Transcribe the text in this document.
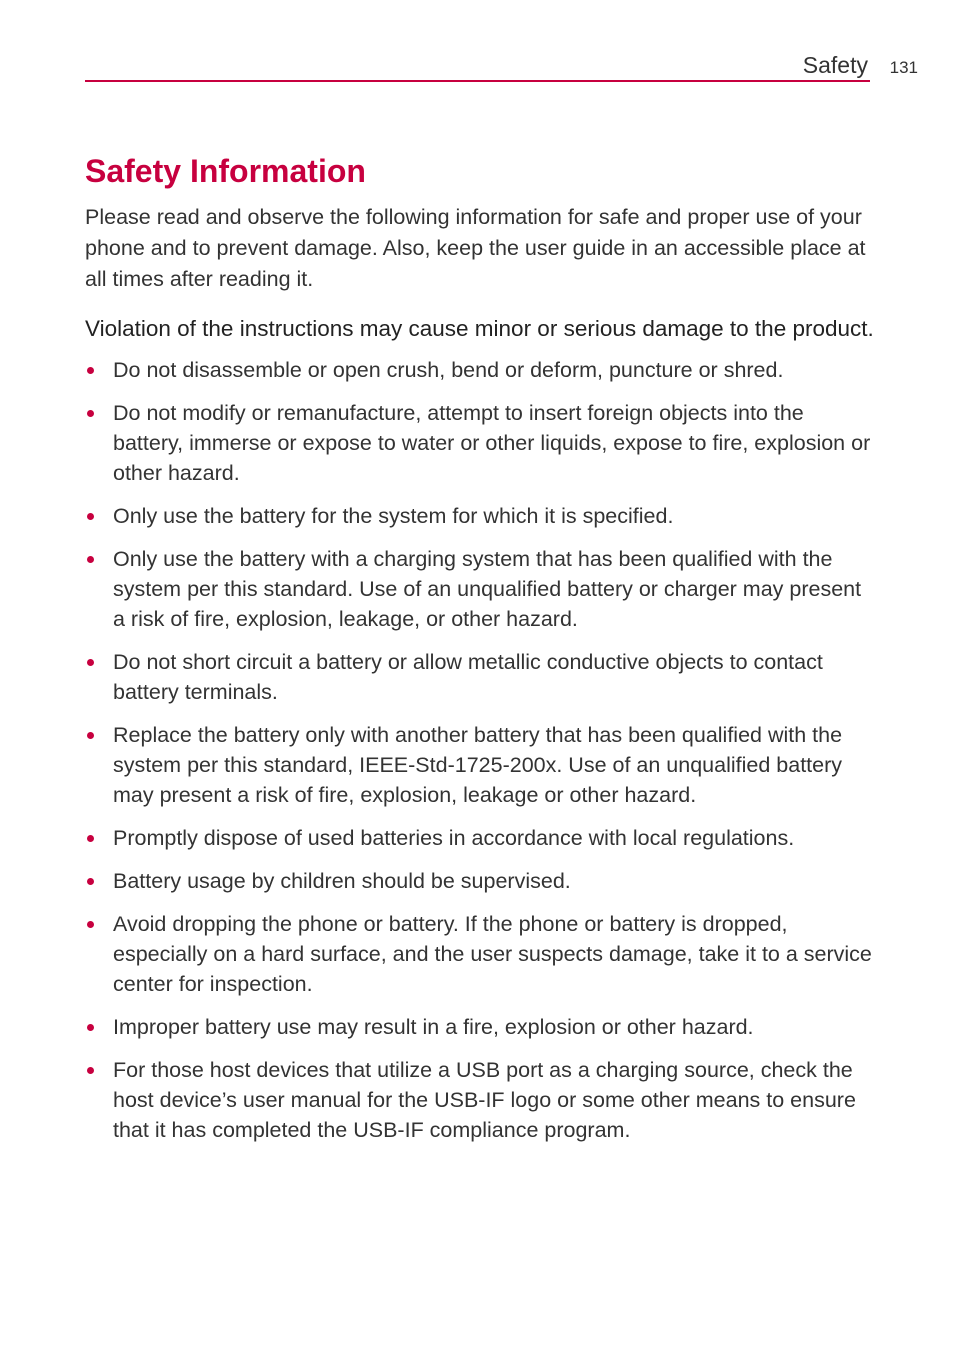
Safety 131
Safety Information

Please read and observe the following information for safe and proper use of your phone and to prevent damage. Also, keep the user guide in an accessible place at all times after reading it.

Violation of the instructions may cause minor or serious damage to the product.

Do not disassemble or open crush, bend or deform, puncture or shred.
Do not modify or remanufacture, attempt to insert foreign objects into the battery, immerse or expose to water or other liquids, expose to fire, explosion or other hazard.
Only use the battery for the system for which it is specified.
Only use the battery with a charging system that has been qualified with the system per this standard. Use of an unqualified battery or charger may present a risk of fire, explosion, leakage, or other hazard.
Do not short circuit a battery or allow metallic conductive objects to contact battery terminals.
Replace the battery only with another battery that has been qualified with the system per this standard, IEEE-Std-1725-200x. Use of an unqualified battery may present a risk of fire, explosion, leakage or other hazard.
Promptly dispose of used batteries in accordance with local regulations.
Battery usage by children should be supervised.
Avoid dropping the phone or battery. If the phone or battery is dropped, especially on a hard surface, and the user suspects damage, take it to a service center for inspection.
Improper battery use may result in a fire, explosion or other hazard.
For those host devices that utilize a USB port as a charging source, check the host device’s user manual for the USB-IF logo or some other means to ensure that it has completed the USB-IF compliance program.
